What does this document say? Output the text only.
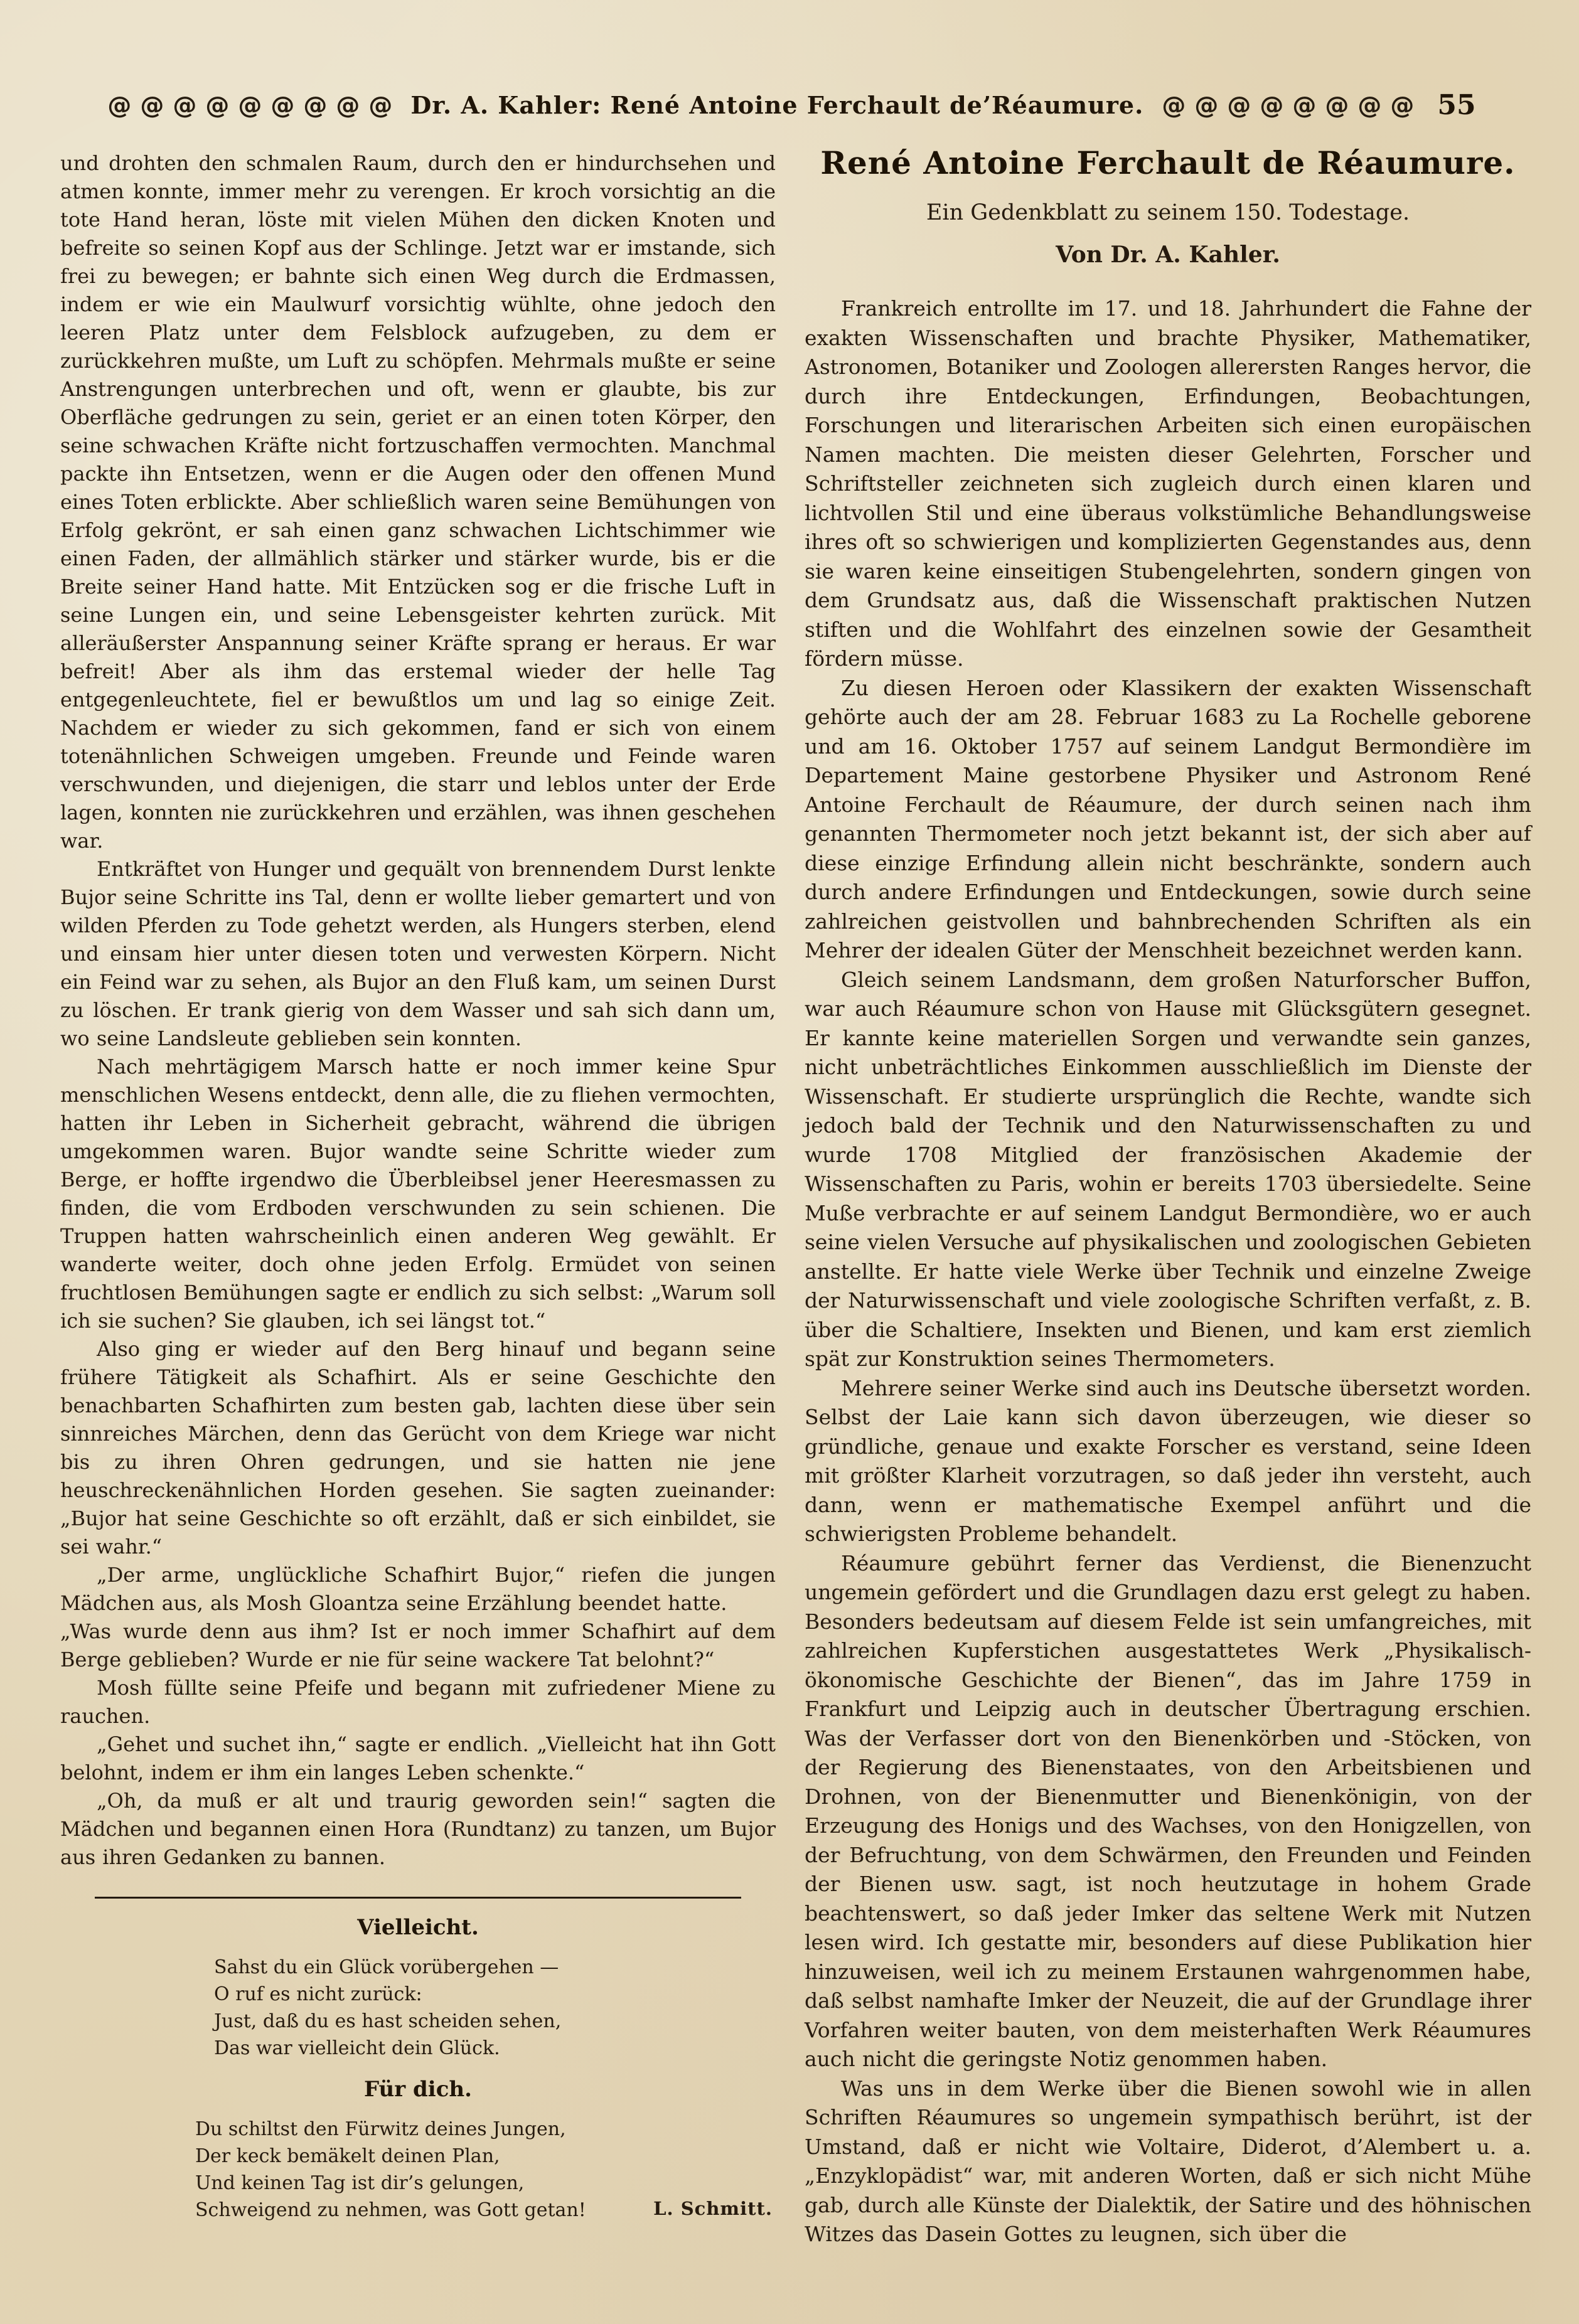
@ @ @ @ @ @ @ @ @ Dr. A. Kahler: René Antoine Ferchault de’Réaumure. @ @ @ @ @ @ @ @ 55

und drohten den schmalen Raum, durch den er hindurchsehen und atmen konnte, immer mehr zu verengen. Er kroch vorsichtig an die tote Hand heran, löste mit vielen Mühen den dicken Knoten und befreite so seinen Kopf aus der Schlinge. Jetzt war er imstande, sich frei zu bewegen; er bahnte sich einen Weg durch die Erdmassen, indem er wie ein Maulwurf vorsichtig wühlte, ohne jedoch den leeren Platz unter dem Felsblock aufzugeben, zu dem er zurückkehren mußte, um Luft zu schöpfen. Mehrmals mußte er seine Anstrengungen unterbrechen und oft, wenn er glaubte, bis zur Oberfläche gedrungen zu sein, geriet er an einen toten Körper, den seine schwachen Kräfte nicht fortzuschaffen vermochten. Manchmal packte ihn Entsetzen, wenn er die Augen oder den offenen Mund eines Toten erblickte. Aber schließlich waren seine Bemühungen von Erfolg gekrönt, er sah einen ganz schwachen Lichtschimmer wie einen Faden, der allmählich stärker und stärker wurde, bis er die Breite seiner Hand hatte. Mit Entzücken sog er die frische Luft in seine Lungen ein, und seine Lebensgeister kehrten zurück. Mit alleräußerster Anspannung seiner Kräfte sprang er heraus. Er war befreit! Aber als ihm das erstemal wieder der helle Tag entgegenleuchtete, fiel er bewußtlos um und lag so einige Zeit. Nachdem er wieder zu sich gekommen, fand er sich von einem totenähnlichen Schweigen umgeben. Freunde und Feinde waren verschwunden, und diejenigen, die starr und leblos unter der Erde lagen, konnten nie zurückkehren und erzählen, was ihnen geschehen war.

Entkräftet von Hunger und gequält von brennendem Durst lenkte Bujor seine Schritte ins Tal, denn er wollte lieber gemartert und von wilden Pferden zu Tode gehetzt werden, als Hungers sterben, elend und einsam hier unter diesen toten und verwesten Körpern. Nicht ein Feind war zu sehen, als Bujor an den Fluß kam, um seinen Durst zu löschen. Er trank gierig von dem Wasser und sah sich dann um, wo seine Landsleute geblieben sein konnten.

Nach mehrtägigem Marsch hatte er noch immer keine Spur menschlichen Wesens entdeckt, denn alle, die zu fliehen vermochten, hatten ihr Leben in Sicherheit gebracht, während die übrigen umgekommen waren. Bujor wandte seine Schritte wieder zum Berge, er hoffte irgendwo die Überbleibsel jener Heeresmassen zu finden, die vom Erdboden verschwunden zu sein schienen. Die Truppen hatten wahrscheinlich einen anderen Weg gewählt. Er wanderte weiter, doch ohne jeden Erfolg. Ermüdet von seinen fruchtlosen Bemühungen sagte er endlich zu sich selbst: „Warum soll ich sie suchen? Sie glauben, ich sei längst tot.“

Also ging er wieder auf den Berg hinauf und begann seine frühere Tätigkeit als Schafhirt. Als er seine Geschichte den benachbarten Schafhirten zum besten gab, lachten diese über sein sinnreiches Märchen, denn das Gerücht von dem Kriege war nicht bis zu ihren Ohren gedrungen, und sie hatten nie jene heuschreckenähnlichen Horden gesehen. Sie sagten zueinander: „Bujor hat seine Geschichte so oft erzählt, daß er sich einbildet, sie sei wahr.“

„Der arme, unglückliche Schafhirt Bujor,“ riefen die jungen Mädchen aus, als Mosh Gloantza seine Erzählung beendet hatte.

„Was wurde denn aus ihm? Ist er noch immer Schafhirt auf dem Berge geblieben? Wurde er nie für seine wackere Tat belohnt?“

Mosh füllte seine Pfeife und begann mit zufriedener Miene zu rauchen.

„Gehet und suchet ihn,“ sagte er endlich. „Vielleicht hat ihn Gott belohnt, indem er ihm ein langes Leben schenkte.“

„Oh, da muß er alt und traurig geworden sein!“ sagten die Mädchen und begannen einen Hora (Rundtanz) zu tanzen, um Bujor aus ihren Gedanken zu bannen.

Vielleicht.
Sahst du ein Glück vorübergehen —
O ruf es nicht zurück:
Just, daß du es hast scheiden sehen,
Das war vielleicht dein Glück.
Für dich.
Du schiltst den Fürwitz deines Jungen,
Der keck bemäkelt deinen Plan,
Und keinen Tag ist dir’s gelungen,
Schweigend zu nehmen, was Gott getan!	L. Schmitt.
René Antoine Ferchault de Réaumure.
Ein Gedenkblatt zu seinem 150. Todestage.
Von Dr. A. Kahler.

Frankreich entrollte im 17. und 18. Jahrhundert die Fahne der exakten Wissenschaften und brachte Physiker, Mathematiker, Astronomen, Botaniker und Zoologen allerersten Ranges hervor, die durch ihre Entdeckungen, Erfindungen, Beobachtungen, Forschungen und literarischen Arbeiten sich einen europäischen Namen machten. Die meisten dieser Gelehrten, Forscher und Schriftsteller zeichneten sich zugleich durch einen klaren und lichtvollen Stil und eine überaus volkstümliche Behandlungsweise ihres oft so schwierigen und komplizierten Gegenstandes aus, denn sie waren keine einseitigen Stubengelehrten, sondern gingen von dem Grundsatz aus, daß die Wissenschaft praktischen Nutzen stiften und die Wohlfahrt des einzelnen sowie der Gesamtheit fördern müsse.

Zu diesen Heroen oder Klassikern der exakten Wissenschaft gehörte auch der am 28. Februar 1683 zu La Rochelle geborene und am 16. Oktober 1757 auf seinem Landgut Bermondière im Departement Maine gestorbene Physiker und Astronom René Antoine Ferchault de Réaumure, der durch seinen nach ihm genannten Thermometer noch jetzt bekannt ist, der sich aber auf diese einzige Erfindung allein nicht beschränkte, sondern auch durch andere Erfindungen und Entdeckungen, sowie durch seine zahlreichen geistvollen und bahnbrechenden Schriften als ein Mehrer der idealen Güter der Menschheit bezeichnet werden kann.

Gleich seinem Landsmann, dem großen Naturforscher Buffon, war auch Réaumure schon von Hause mit Glücksgütern gesegnet. Er kannte keine materiellen Sorgen und verwandte sein ganzes, nicht unbeträchtliches Einkommen ausschließlich im Dienste der Wissenschaft. Er studierte ursprünglich die Rechte, wandte sich jedoch bald der Technik und den Naturwissenschaften zu und wurde 1708 Mitglied der französischen Akademie der Wissenschaften zu Paris, wohin er bereits 1703 übersiedelte. Seine Muße verbrachte er auf seinem Landgut Bermondière, wo er auch seine vielen Versuche auf physikalischen und zoologischen Gebieten anstellte. Er hatte viele Werke über Technik und einzelne Zweige der Naturwissenschaft und viele zoologische Schriften verfaßt, z. B. über die Schaltiere, Insekten und Bienen, und kam erst ziemlich spät zur Konstruktion seines Thermometers.

Mehrere seiner Werke sind auch ins Deutsche übersetzt worden. Selbst der Laie kann sich davon überzeugen, wie dieser so gründliche, genaue und exakte Forscher es verstand, seine Ideen mit größter Klarheit vorzutragen, so daß jeder ihn versteht, auch dann, wenn er mathematische Exempel anführt und die schwierigsten Probleme behandelt.

Réaumure gebührt ferner das Verdienst, die Bienenzucht ungemein gefördert und die Grundlagen dazu erst gelegt zu haben. Besonders bedeutsam auf diesem Felde ist sein umfangreiches, mit zahlreichen Kupferstichen ausgestattetes Werk „Physikalisch-ökonomische Geschichte der Bienen“, das im Jahre 1759 in Frankfurt und Leipzig auch in deutscher Übertragung erschien. Was der Verfasser dort von den Bienenkörben und -Stöcken, von der Regierung des Bienenstaates, von den Arbeitsbienen und Drohnen, von der Bienenmutter und Bienenkönigin, von der Erzeugung des Honigs und des Wachses, von den Honigzellen, von der Befruchtung, von dem Schwärmen, den Freunden und Feinden der Bienen usw. sagt, ist noch heutzutage in hohem Grade beachtenswert, so daß jeder Imker das seltene Werk mit Nutzen lesen wird. Ich gestatte mir, besonders auf diese Publikation hier hinzuweisen, weil ich zu meinem Erstaunen wahrgenommen habe, daß selbst namhafte Imker der Neuzeit, die auf der Grundlage ihrer Vorfahren weiter bauten, von dem meisterhaften Werk Réaumures auch nicht die geringste Notiz genommen haben.

Was uns in dem Werke über die Bienen sowohl wie in allen Schriften Réaumures so ungemein sympathisch berührt, ist der Umstand, daß er nicht wie Voltaire, Diderot, d’Alembert u. a. „Enzyklopädist“ war, mit anderen Worten, daß er sich nicht Mühe gab, durch alle Künste der Dialektik, der Satire und des höhnischen Witzes das Dasein Gottes zu leugnen, sich über die
